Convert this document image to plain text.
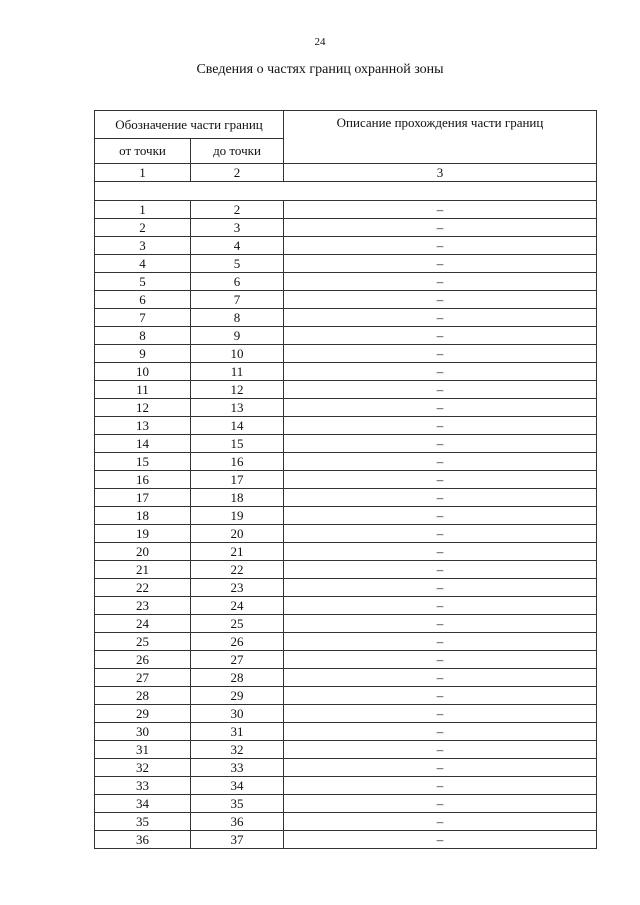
24
Сведения о частях границ охранной зоны
Обозначение части границ		Описание прохождения части границ
от точки	до точки	
1	2	3

1	2	–
2	3	–
3	4	–
4	5	–
5	6	–
6	7	–
7	8	–
8	9	–
9	10	–
10	11	–
11	12	–
12	13	–
13	14	–
14	15	–
15	16	–
16	17	–
17	18	–
18	19	–
19	20	–
20	21	–
21	22	–
22	23	–
23	24	–
24	25	–
25	26	–
26	27	–
27	28	–
28	29	–
29	30	–
30	31	–
31	32	–
32	33	–
33	34	–
34	35	–
35	36	–
36	37	–
